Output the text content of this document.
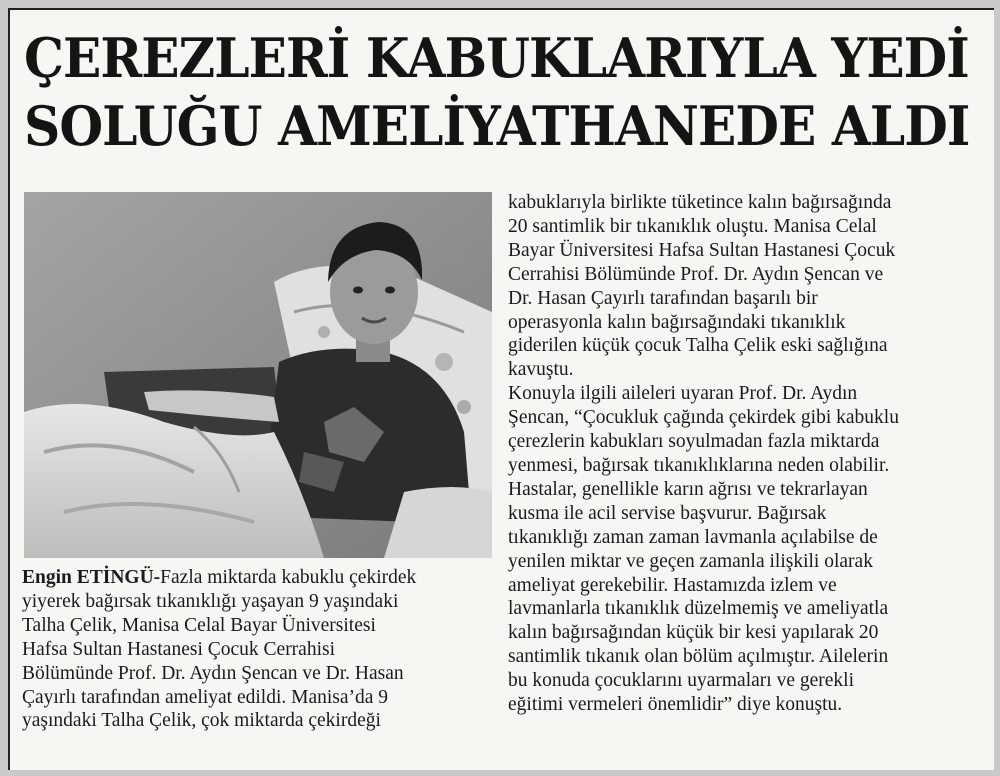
ÇEREZLERİ KABUKLARIYLA YEDİ
SOLUĞU AMELİYATHANEDE ALDI

Engin ETİNGÜ-Fazla miktarda kabuklu çekirdek
yiyerek bağırsak tıkanıklığı yaşayan 9 yaşındaki
Talha Çelik, Manisa Celal Bayar Üniversitesi
Hafsa Sultan Hastanesi Çocuk Cerrahisi
Bölümünde Prof. Dr. Aydın Şencan ve Dr. Hasan
Çayırlı tarafından ameliyat edildi. Manisa’da 9
yaşındaki Talha Çelik, çok miktarda çekirdeği

kabuklarıyla birlikte tüketince kalın bağırsağında
20 santimlik bir tıkanıklık oluştu. Manisa Celal
Bayar Üniversitesi Hafsa Sultan Hastanesi Çocuk
Cerrahisi Bölümünde Prof. Dr. Aydın Şencan ve
Dr. Hasan Çayırlı tarafından başarılı bir
operasyonla kalın bağırsağındaki tıkanıklık
giderilen küçük çocuk Talha Çelik eski sağlığına
kavuştu.

Konuyla ilgili aileleri uyaran Prof. Dr. Aydın
Şencan, “Çocukluk çağında çekirdek gibi kabuklu
çerezlerin kabukları soyulmadan fazla miktarda
yenmesi, bağırsak tıkanıklıklarına neden olabilir.
Hastalar, genellikle karın ağrısı ve tekrarlayan
kusma ile acil servise başvurur. Bağırsak
tıkanıklığı zaman zaman lavmanla açılabilse de
yenilen miktar ve geçen zamanla ilişkili olarak
ameliyat gerekebilir. Hastamızda izlem ve
lavmanlarla tıkanıklık düzelmemiş ve ameliyatla
kalın bağırsağından küçük bir kesi yapılarak 20
santimlik tıkanık olan bölüm açılmıştır. Ailelerin
bu konuda çocuklarını uyarmaları ve gerekli
eğitimi vermeleri önemlidir” diye konuştu.
